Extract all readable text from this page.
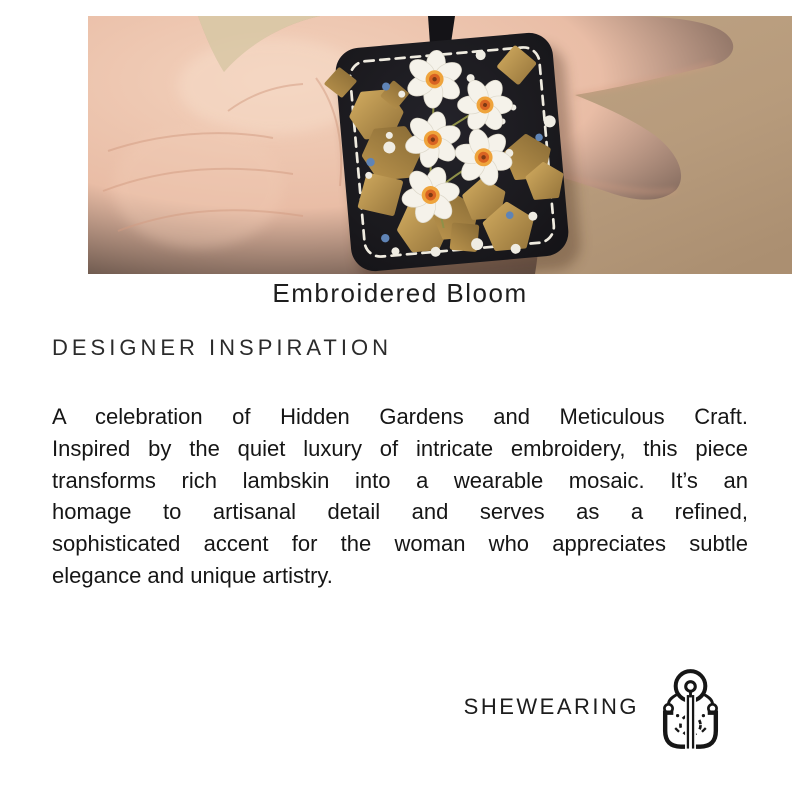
Embroidered Bloom
DESIGNER INSPIRATION
A celebration of Hidden Gardens and Meticulous Craft.
Inspired by the quiet luxury of intricate embroidery, this piece
transforms rich lambskin into a wearable mosaic. It’s an
homage to artisanal detail and serves as a refined,
sophisticated accent for the woman who appreciates subtle
elegance and unique artistry.
SHEWEARING
